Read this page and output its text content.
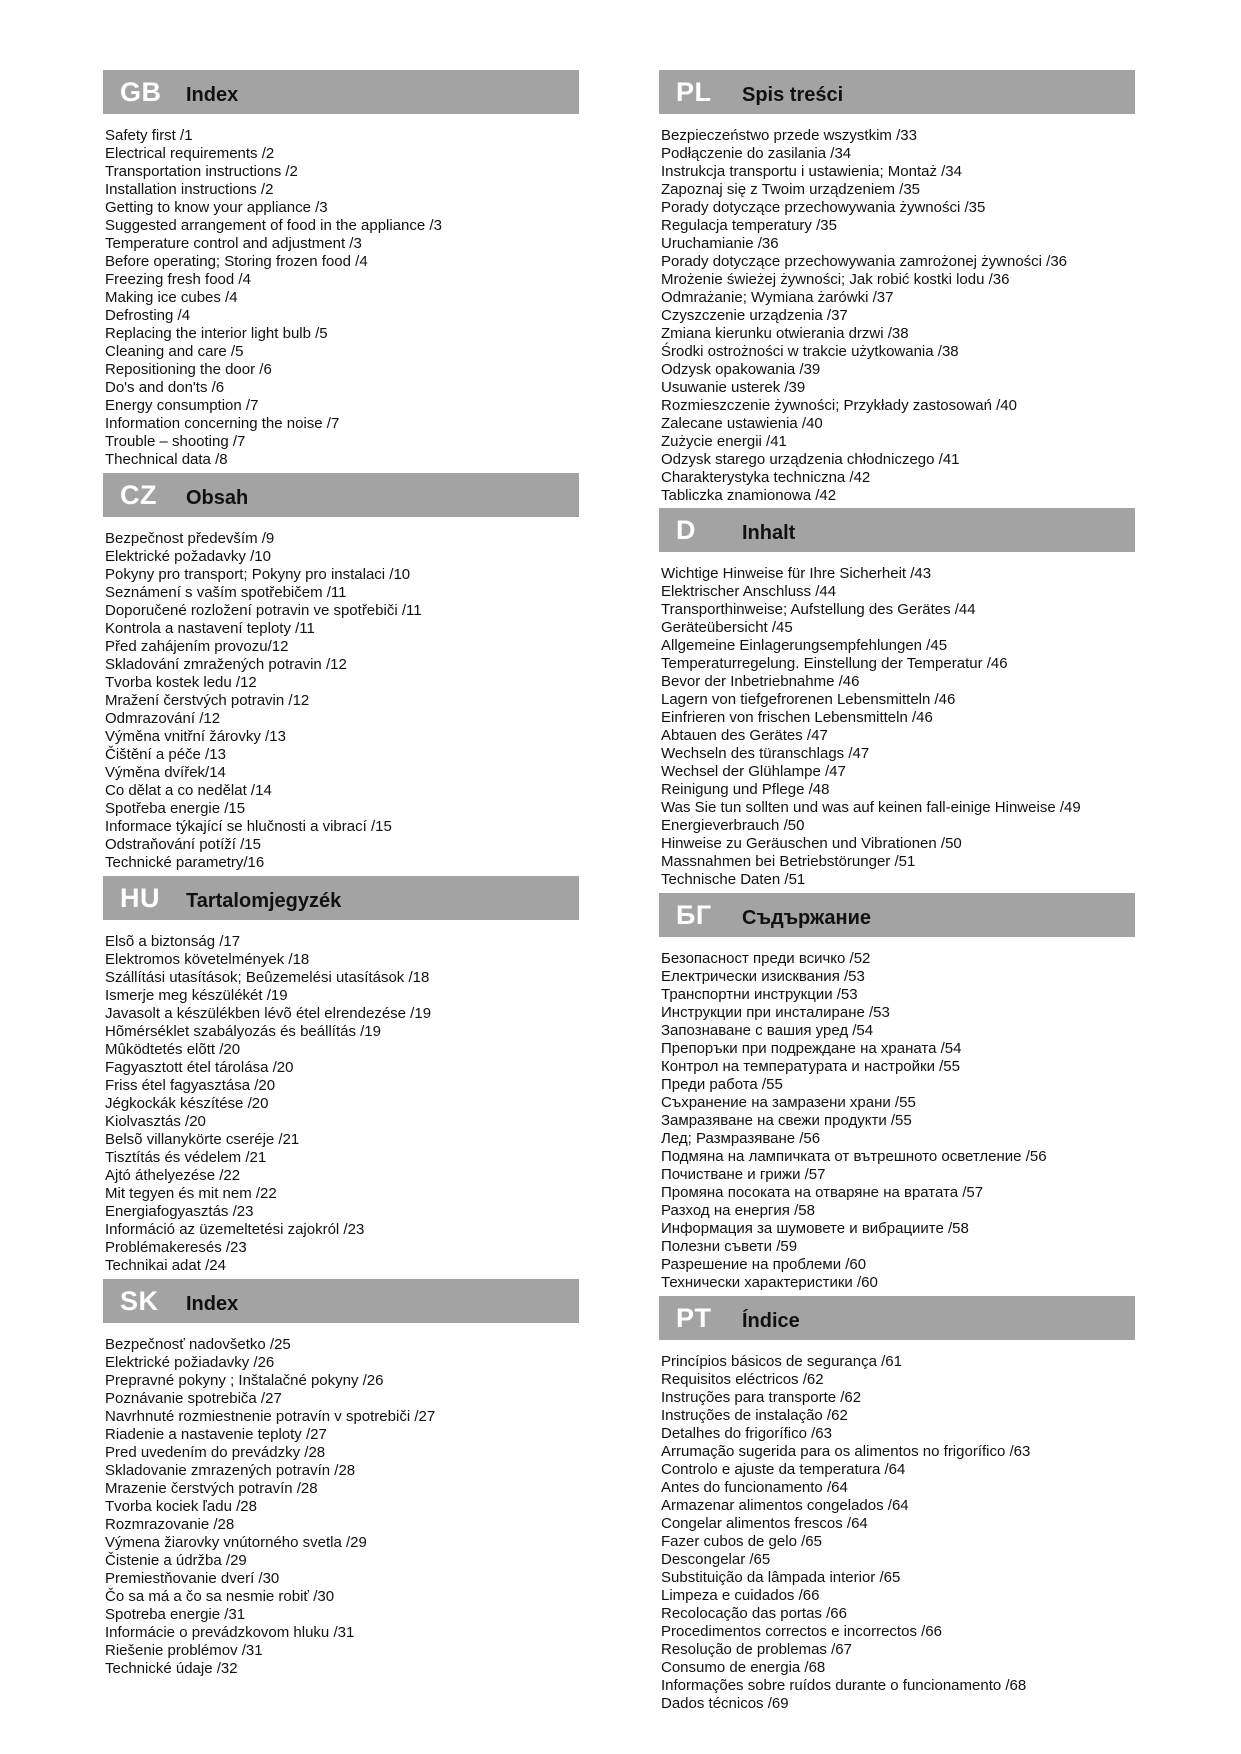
GB	Index
Safety first /1
Electrical requirements /2
Transportation instructions /2
Installation instructions /2
Getting to know your appliance /3
Suggested arrangement of food in the appliance /3
Temperature control and adjustment /3
Before operating; Storing frozen food /4
Freezing fresh food /4
Making ice cubes /4
Defrosting /4
Replacing the interior light bulb /5
Cleaning and care /5
Repositioning the door /6
Do's and don'ts /6
Energy consumption /7
Information concerning the noise /7
Trouble – shooting /7
Thechnical data /8
CZ	Obsah
Bezpečnost především /9
Elektrické požadavky /10
Pokyny pro transport; Pokyny pro instalaci /10
Seznámení s vaším spotřebičem /11
Doporučené rozložení potravin ve spotřebiči /11
Kontrola a nastavení teploty /11
Před zahájením provozu/12
Skladování zmražených potravin /12
Tvorba kostek ledu /12
Mražení čerstvých potravin /12
Odmrazování /12
Výměna vnitřní žárovky /13
Čištění a péče /13
Výměna dvířek/14
Co dělat a co nedělat /14
Spotřeba energie /15
Informace týkající se hlučnosti a vibrací /15
Odstraňování potíží /15
Technické parametry/16
HU	Tartalomjegyzék
Elsõ a biztonság /17
Elektromos követelmények /18
Szállítási utasítások; Beûzemelési utasítások /18
Ismerje meg készülékét /19
Javasolt a készülékben lévõ étel elrendezése /19
Hõmérséklet szabályozás és beállítás /19
Mûködtetés elõtt /20
Fagyasztott étel tárolása /20
Friss étel fagyasztása /20
Jégkockák készítése /20
Kiolvasztás /20
Belsõ villanykörte cseréje /21
Tisztítás és védelem /21
Ajtó áthelyezése /22
Mit tegyen és mit nem /22
Energiafogyasztás /23
Információ az üzemeltetési zajokról /23
Problémakeresés /23
Technikai adat /24
SK	Index
Bezpečnosť nadovšetko /25
Elektrické požiadavky /26
Prepravné pokyny ; Inštalačné pokyny /26
Poznávanie spotrebiča /27
Navrhnuté rozmiestnenie potravín v spotrebiči /27
Riadenie a nastavenie teploty /27
Pred uvedením do prevádzky /28
Skladovanie zmrazených potravín /28
Mrazenie čerstvých potravín /28
Tvorba kociek ľadu /28
Rozmrazovanie /28
Výmena žiarovky vnútorného svetla /29
Čistenie a údržba /29
Premiestňovanie dverí /30
Čo sa má a čo sa nesmie robiť /30
Spotreba energie /31
Informácie o prevádzkovom hluku /31
Riešenie problémov /31
Technické údaje /32
PL	Spis treści
Bezpieczeństwo przede wszystkim /33
Podłączenie do zasilania /34
Instrukcja transportu i ustawienia; Montaż /34
Zapoznaj się z Twoim urządzeniem /35
Porady dotyczące przechowywania żywności /35
Regulacja temperatury /35
Uruchamianie /36
Porady dotyczące przechowywania zamrożonej żywności /36
Mrożenie świeżej żywności; Jak robić kostki lodu /36
Odmrażanie; Wymiana żarówki /37
Czyszczenie urządzenia /37
Zmiana kierunku otwierania drzwi /38
Środki ostrożności w trakcie użytkowania /38
Odzysk opakowania /39
Usuwanie usterek /39
Rozmieszczenie żywności; Przykłady zastosowań /40
Zalecane ustawienia /40
Zużycie energii /41
Odzysk starego urządzenia chłodniczego /41
Charakterystyka techniczna /42
Tabliczka znamionowa /42
D	Inhalt
Wichtige Hinweise für Ihre Sicherheit /43
Elektrischer Anschluss /44
Transporthinweise; Aufstellung des Gerätes /44
Geräteübersicht /45
Allgemeine Einlagerungsempfehlungen /45
Temperaturregelung. Einstellung der Temperatur /46
Bevor der Inbetriebnahme /46
Lagern von tiefgefrorenen Lebensmitteln /46
Einfrieren von frischen Lebensmitteln /46
Abtauen des Gerätes /47
Wechseln des türanschlags /47
Wechsel der Glühlampe /47
Reinigung und Pflege /48
Was Sie tun sollten und was auf keinen fall-einige Hinweise /49
Energieverbrauch /50
Hinweise zu Geräuschen und Vibrationen /50
Massnahmen bei Betriebstörunger /51
Technische Daten /51
БГ	Съдържание
Безопасност преди всичко /52
Електрически изисквания /53
Транспортни инструкции /53
Инструкции при инсталиране /53
Запознаване с вашия уред /54
Препоръки при подреждане на храната /54
Контрол на температурата и настройки /55
Преди работа /55
Съхранение на замразени храни /55
Замразяване на свежи продукти /55
Лед; Размразяване /56
Подмяна на лампичката от вътрешното осветление /56
Почистване и грижи /57
Промяна посоката на отваряне на вратата /57
Разход на енергия /58
Информация за шумовете и вибрациите /58
Полезни съвети /59
Разрешение на проблеми /60
Технически характеристики /60
PT	Índice
Princípios básicos de segurança /61
Requisitos eléctricos /62
Instruções para transporte /62
Instruções de instalação /62
Detalhes do frigorífico /63
Arrumação sugerida para os alimentos no frigorífico /63
Controlo e ajuste da temperatura /64
Antes do funcionamento /64
Armazenar alimentos congelados /64
Congelar alimentos frescos /64
Fazer cubos de gelo /65
Descongelar /65
Substituição da lâmpada interior /65
Limpeza e cuidados /66
Recolocação das portas /66
Procedimentos correctos e incorrectos /66
Resolução de problemas /67
Consumo de energia /68
Informações sobre ruídos durante o funcionamento /68
Dados técnicos /69
